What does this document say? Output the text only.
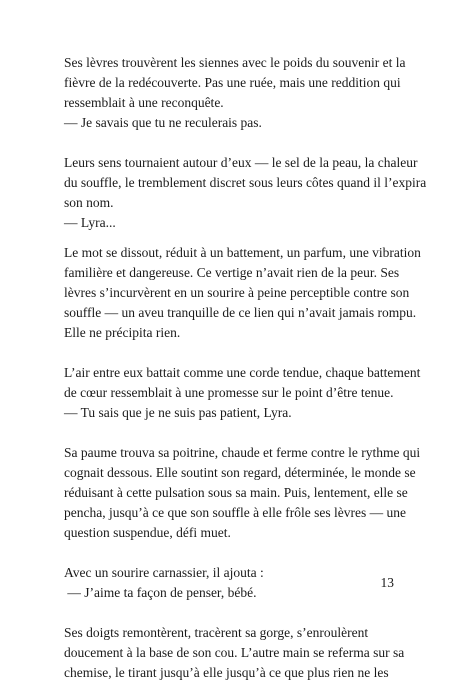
Ses lèvres trouvèrent les siennes avec le poids du souvenir et la
fièvre de la redécouverte. Pas une ruée, mais une reddition qui
ressemblait à une reconquête.
— Je savais que tu ne reculerais pas.

Leurs sens tournaient autour d’eux — le sel de la peau, la chaleur
du souffle, le tremblement discret sous leurs côtes quand il l’expira
son nom.
— Lyra...

Le mot se dissout, réduit à un battement, un parfum, une vibration
familière et dangereuse. Ce vertige n’avait rien de la peur. Ses
lèvres s’incurvèrent en un sourire à peine perceptible contre son
souffle — un aveu tranquille de ce lien qui n’avait jamais rompu.
Elle ne précipita rien.

L’air entre eux battait comme une corde tendue, chaque battement
de cœur ressemblait à une promesse sur le point d’être tenue.
— Tu sais que je ne suis pas patient, Lyra.

Sa paume trouva sa poitrine, chaude et ferme contre le rythme qui
cognait dessous. Elle soutint son regard, déterminée, le monde se
réduisant à cette pulsation sous sa main. Puis, lentement, elle se
pencha, jusqu’à ce que son souffle à elle frôle ses lèvres — une
question suspendue, défi muet.

Avec un sourire carnassier, il ajouta :
— J’aime ta façon de penser, bébé.

Ses doigts remontèrent, tracèrent sa gorge, s’enroulèrent
doucement à la base de son cou. L’autre main se referma sur sa
chemise, le tirant jusqu’à elle jusqu’à ce que plus rien ne les

13
